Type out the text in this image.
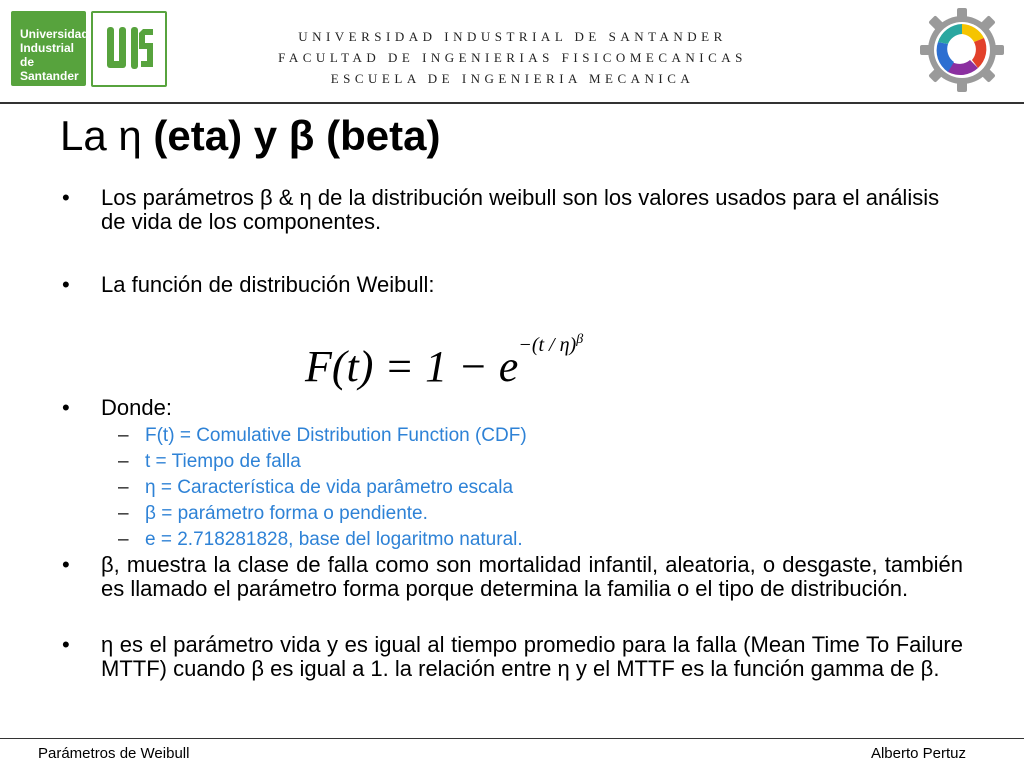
Universidad
Industrial de
Santander
UNIVERSIDAD INDUSTRIAL DE SANTANDER
FACULTAD DE INGENIERIAS FISICOMECANICAS
ESCUELA DE INGENIERIA MECANICA
La η (eta) y β (beta)
• Los parámetros β & η de la distribución weibull son los valores usados para el análisis de vida de los componentes.
• La función de distribución Weibull:
$F(t) = 1 - e^{-(t / \eta)^\beta}$
• Donde:
– F(t) = Comulative Distribution Function (CDF)
– t = Tiempo de falla
– η = Característica de vida parâmetro escala
– β = parámetro forma o pendiente.
– e = 2.718281828, base del logaritmo natural.
• β, muestra la clase de falla como son mortalidad infantil, aleatoria, o desgaste, también es llamado el parámetro forma porque determina la familia o el tipo de distribución.
• η es el parámetro vida y es igual al tiempo promedio para la falla (Mean Time To Failure MTTF) cuando β es igual a 1. la relación entre η y el MTTF es la función gamma de β.
Parámetros de Weibull	Alberto Pertuz
